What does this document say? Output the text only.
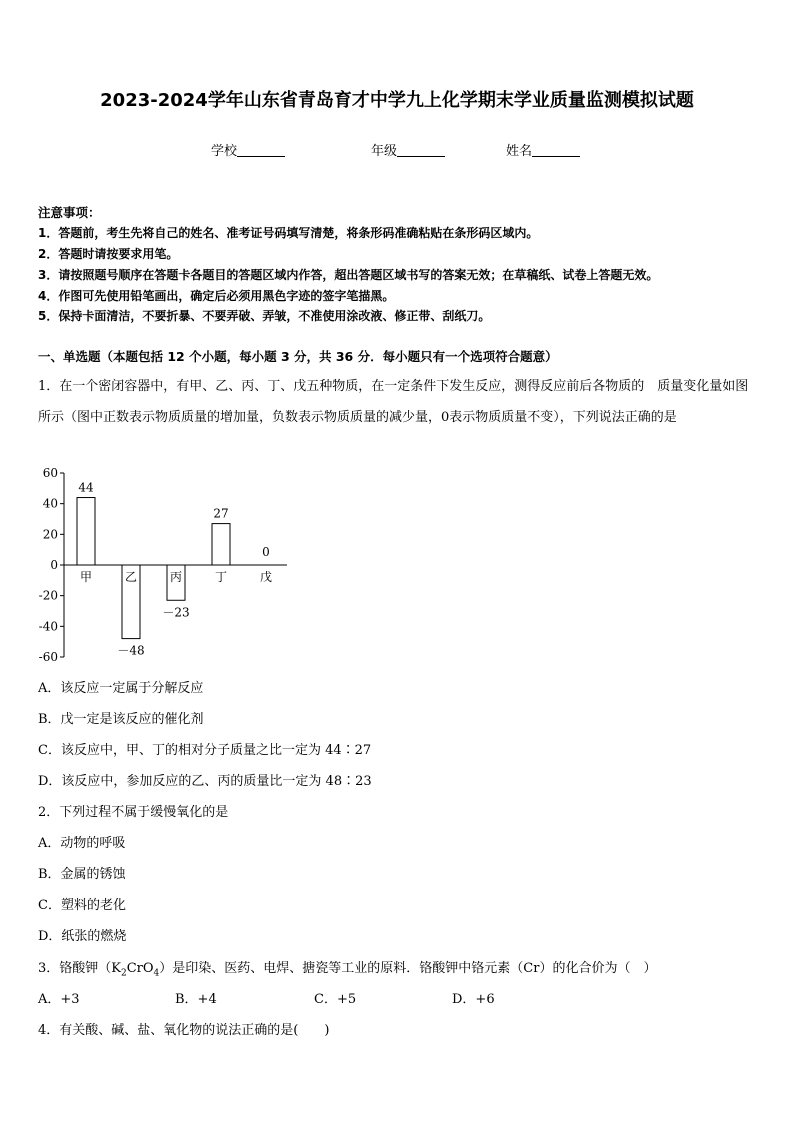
2023-2024学年山东省青岛育才中学九上化学期末学业质量监测模拟试题
学校	年级	姓名
注意事项：
1．答题前，考生先将自己的姓名、准考证号码填写清楚，将条形码准确粘贴在条形码区域内。
2．答题时请按要求用笔。
3．请按照题号顺序在答题卡各题目的答题区域内作答，超出答题区域书写的答案无效；在草稿纸、试卷上答题无效。
4．作图可先使用铅笔画出，确定后必须用黑色字迹的签字笔描黑。
5．保持卡面清洁，不要折暴、不要弄破、弄皱，不准使用涂改液、修正带、刮纸刀。
一、单选题（本题包括 12 个小题，每小题 3 分，共 36 分．每小题只有一个选项符合题意）
1．在一个密闭容器中，有甲、乙、丙、丁、戊五种物质，在一定条件下发生反应，测得反应前后各物质的　质量变化量如图所示（图中正数表示物质质量的增加量，负数表示物质质量的减少量，0表示物质质量不变），下列说法正确的是
60
40
20
0
-20
-40
-60
甲
44
乙
－48
丙
－23
丁
27
戊
0
A．该反应一定属于分解反应
B．戊一定是该反应的催化剂
C．该反应中，甲、丁的相对分子质量之比一定为 44∶27
D．该反应中，参加反应的乙、丙的质量比一定为 48∶23
2．下列过程不属于缓慢氧化的是
A．动物的呼吸
B．金属的锈蚀
C．塑料的老化
D．纸张的燃烧
3．铬酸钾$(K_2CrO_4)$是印染、医药、电焊、搪瓷等工业的原料．铬酸钾中铬元素（Cr）的化合价为（　）
A．+3	B．+4	C．+5	D．+6
4．有关酸、碱、盐、氧化物的说法正确的是(　　)
